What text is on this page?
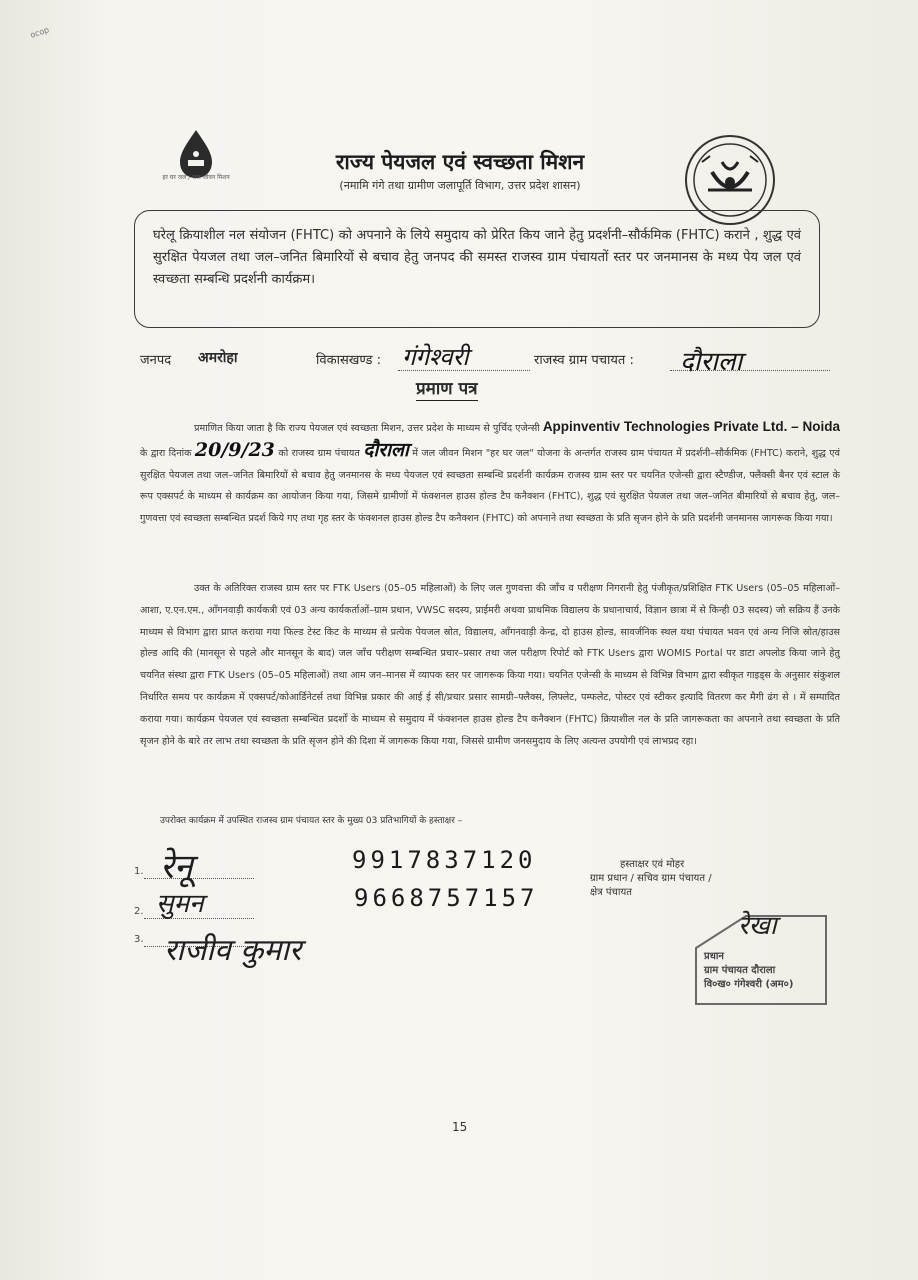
ocop
हर घर जल / जल जीवन मिशन
राज्य पेयजल एवं स्वच्छता मिशन
(नमामि गंगे तथा ग्रामीण जलापूर्ति विभाग, उत्तर प्रदेश शासन)
घरेलू क्रियाशील नल संयोजन (FHTC) को अपनाने के लिये समुदाय को प्रेरित किय जाने हेतु प्रदर्शनी–सौर्कमिक (FHTC) कराने , शुद्ध एवं सुरक्षित पेयजल तथा जल–जनित बिमारियों से बचाव हेतु जनपद की समस्त राजस्व ग्राम पंचायतों स्तर पर जनमानस के मध्य पेय जल एवं स्वच्छता सम्बन्धि प्रदर्शनी कार्यक्रम।
जनपद अमरोहा	विकासखण्ड : गंगेश्वरी	राजस्व ग्राम पचायत : दौराला
प्रमाण पत्र
प्रमाणित किया जाता है कि राज्य पेयजल एवं स्वच्छता मिशन, उत्तर प्रदेश के माध्यम से पुर्चिद एजेन्सी Appinventiv Technologies Private Ltd. – Noida के द्वारा दिनांक 20/9/23 को राजस्व ग्राम पंचायत दौराला में जल जीवन मिशन "हर घर जल" योजना के अन्तर्गत राजस्व ग्राम पंचायत में प्रदर्शनी–सौर्कमिक (FHTC) कराने, शुद्ध एवं सुरक्षित पेयजल तथा जल–जनित बिमारियों से बचाव हेतु जनमानस के मध्य पेयजल एवं स्वच्छता सम्बन्धि प्रदर्शनी कार्यक्रम राजस्व ग्राम स्तर पर चयनित एजेन्सी द्वारा स्टैण्डीज, फ्लैक्सी बैनर एवं स्टाल के रूप एक्सपर्ट के माध्यम से कार्यक्रम का आयोजन किया गया, जिसमे ग्रामीणों में फंक्शनल हाउस होल्ड टैप कनैक्शन (FHTC), शुद्ध एवं सुरक्षित पेयजल तथा जल–जनित बीमारियों से बचाव हेतु, जल–गुणवत्ता एवं स्वच्छता सम्बन्धित प्रदर्श किये गए तथा गृह स्तर के फंक्शनल हाउस होल्ड टैप कनैक्शन (FHTC) को अपनाने तथा स्वच्छता के प्रति सृजन होने के प्रति प्रदर्शनी जनमानस जागरूक किया गया।
उक्त के अतिरिक्त राजस्व ग्राम स्तर पर FTK Users (05–05 महिलाओं) के लिए जल गुणवत्ता की जाँच व परीक्षण निगरानी हेतु पंजीकृत/प्रशिक्षित FTK Users (05–05 महिलाओं–आशा, ए.एन.एम., आँगनवाड़ी कार्यकत्री एवं 03 अन्य कार्यकर्ताओं–ग्राम प्रधान, VWSC सदस्य, प्राईमरी अथवा प्राथमिक विद्यालय के प्रधानाचार्य, विज्ञान छात्रा में से किन्ही 03 सदस्य) जो सक्रिय हैं उनके माध्यम से विभाग द्वारा प्राप्त कराया गया फिल्ड टेस्ट किट के माध्यम से प्रत्येक पेयजल स्रोत, विद्यालय, आँगनवाड़ी केन्द्र, दो हाउस होल्ड, सावर्जनिक स्थल यथा पंचायत भवन एवं अन्य निजि स्रोत/हाउस होल्ड आदि की (मानसून से पहले और मानसून के बाद) जल जाँच परीक्षण सम्बन्धित प्रचार–प्रसार तथा जल परीक्षण रिपोर्ट को FTK Users द्वारा WOMIS Portal पर डाटा अपलोड किया जाने हेतु चयनित संस्था द्वारा FTK Users (05–05 महिलाओं) तथा आम जन–मानस में व्यापक स्तर पर जागरूक किया गया। चयनित एजेन्सी के माध्यम से विभिन्न विभाग द्वारा स्वीकृत गाइड्स के अनुसार संकुशल निर्धारित समय पर कार्यक्रम में एक्सपर्ट/कोआर्डिनेटर्स तथा विभिन्न प्रकार की आई ई सी/प्रचार प्रसार सामग्री–फ्लैक्स, लिफ्लेट, पम्फलेट, पोस्टर एवं स्टीकर इत्यादि वितरण कर मैगी ढंग से । में सम्पादित कराया गया। कार्यक्रम पेयजल एवं स्वच्छता सम्बन्धित प्रदर्शों के माध्यम से समुदाय में फंक्शनल हाउस होल्ड टैप कनैक्शन (FHTC) क्रियाशील नल के प्रति जागरूकता का अपनाने तथा स्वच्छता के प्रति सृजन होने के बारे तर लाभ तथा स्वच्छता के प्रति सृजन होने की दिशा में जागरूक किया गया, जिससे ग्रामीण जनसमुदाय के लिए अत्यन्त उपयोगी एवं लाभप्रद रहा।
उपरोक्त कार्यक्रम में उपस्थित राजस्व ग्राम पंचायत स्तर के मुख्य 03 प्रतिभागियों के हस्ताक्षर –
1. रेनू	9917837120
2. सुमन	9668757157
3. राजीव कुमार
हस्ताक्षर एवं मोहर
ग्राम प्रधान / सचिव ग्राम पंचायत /
क्षेत्र पंचायत
रेखा
प्रधान
ग्राम पंचायत दौराला
वि०ख० गंगेश्वरी (अम०)
15
